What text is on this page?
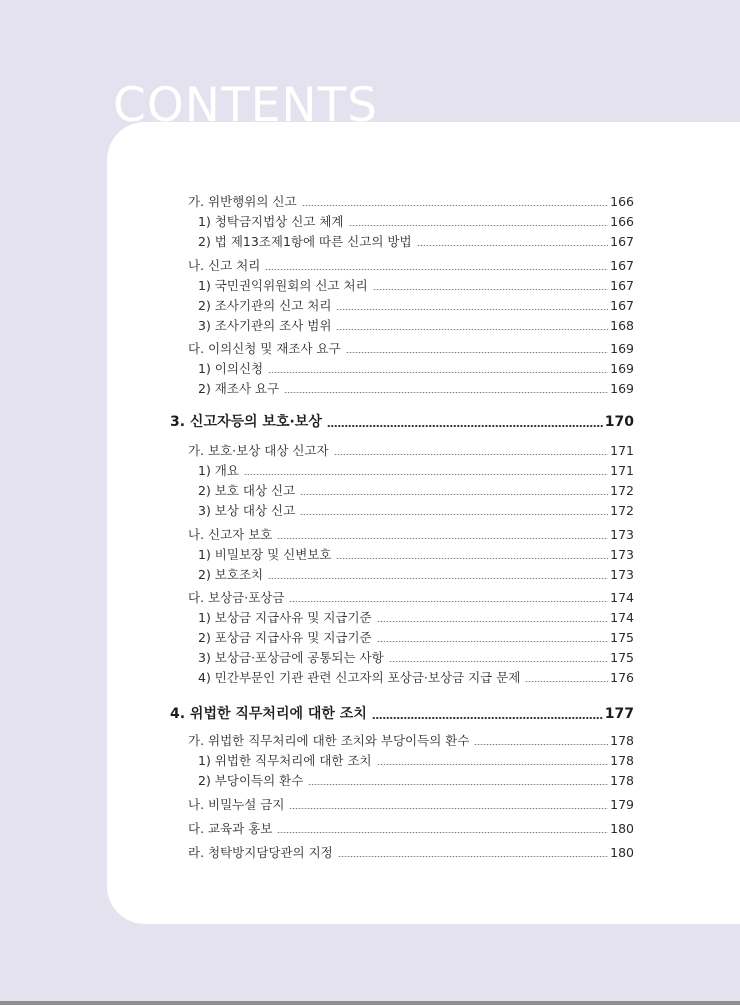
CONTENTS
가. 위반행위의 신고	166
1) 청탁금지법상 신고 체계	166
2) 법 제13조제1항에 따른 신고의 방법	167
나. 신고 처리	167
1) 국민권익위원회의 신고 처리	167
2) 조사기관의 신고 처리	167
3) 조사기관의 조사 범위	168
다. 이의신청 및 재조사 요구	169
1) 이의신청	169
2) 재조사 요구	169
3. 신고자등의 보호·보상	170
가. 보호·보상 대상 신고자	171
1) 개요	171
2) 보호 대상 신고	172
3) 보상 대상 신고	172
나. 신고자 보호	173
1) 비밀보장 및 신변보호	173
2) 보호조치	173
다. 보상금·포상금	174
1) 보상금 지급사유 및 지급기준	174
2) 포상금 지급사유 및 지급기준	175
3) 보상금·포상금에 공통되는 사항	175
4) 민간부문인 기관 관련 신고자의 포상금·보상금 지급 문제	176
4. 위법한 직무처리에 대한 조치	177
가. 위법한 직무처리에 대한 조치와 부당이득의 환수	178
1) 위법한 직무처리에 대한 조치	178
2) 부당이득의 환수	178
나. 비밀누설 금지	179
다. 교육과 홍보	180
라. 청탁방지담당관의 지정	180
